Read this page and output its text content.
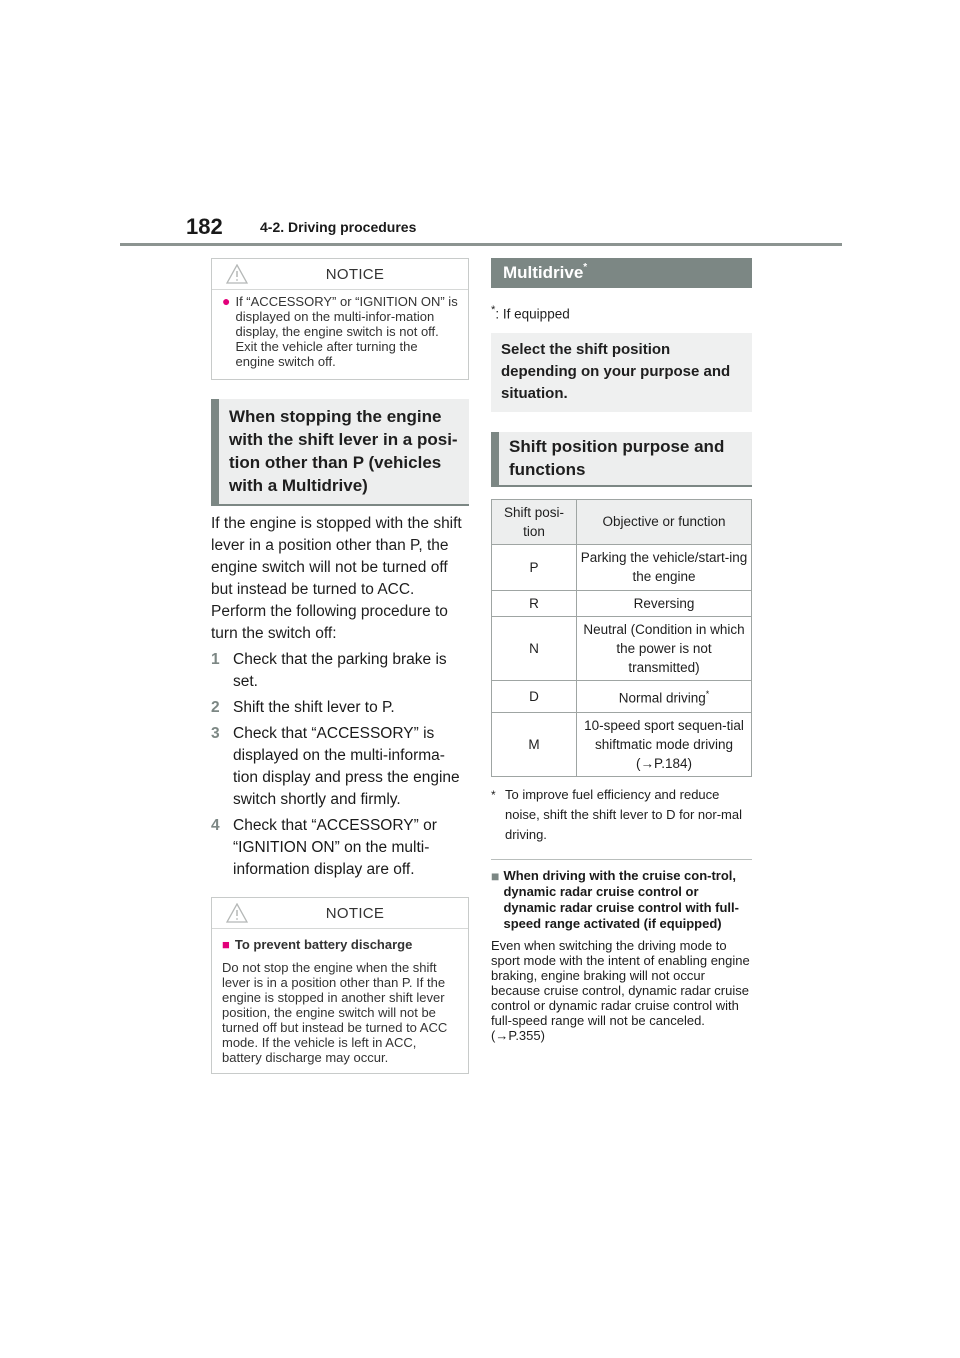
182	4-2. Driving procedures
NOTICE
● If “ACCESSORY” or “IGNITION ON” is displayed on the multi-infor-mation display, the engine switch is not off. Exit the vehicle after turning the engine switch off.
When stopping the engine with the shift lever in a posi-tion other than P (vehicles with a Multidrive)
If the engine is stopped with the shift lever in a position other than P, the engine switch will not be turned off but instead be turned to ACC. Perform the following procedure to turn the switch off:
1 Check that the parking brake is set.
2 Shift the shift lever to P.
3 Check that “ACCESSORY” is displayed on the multi-informa-tion display and press the engine switch shortly and firmly.
4 Check that “ACCESSORY” or “IGNITION ON” on the multi-information display are off.
NOTICE
■ To prevent battery discharge
Do not stop the engine when the shift lever is in a position other than P. If the engine is stopped in another shift lever position, the engine switch will not be turned off but instead be turned to ACC mode. If the vehicle is left in ACC, battery discharge may occur.
Multidrive*
*: If equipped
Select the shift position depending on your purpose and situation.
Shift position purpose and functions
Shift posi-tion	Objective or function
P	Parking the vehicle/start-ing the engine
R	Reversing
N	Neutral (Condition in which the power is not transmitted)
D	Normal driving*
M	10-speed sport sequen-tial shiftmatic mode driving (→P.184)
* To improve fuel efficiency and reduce noise, shift the shift lever to D for nor-mal driving.
■ When driving with the cruise con-trol, dynamic radar cruise control or dynamic radar cruise control with full-speed range activated (if equipped)
Even when switching the driving mode to sport mode with the intent of enabling engine braking, engine braking will not occur because cruise control, dynamic radar cruise control or dynamic radar cruise control with full-speed range will not be canceled. (→P.355)
